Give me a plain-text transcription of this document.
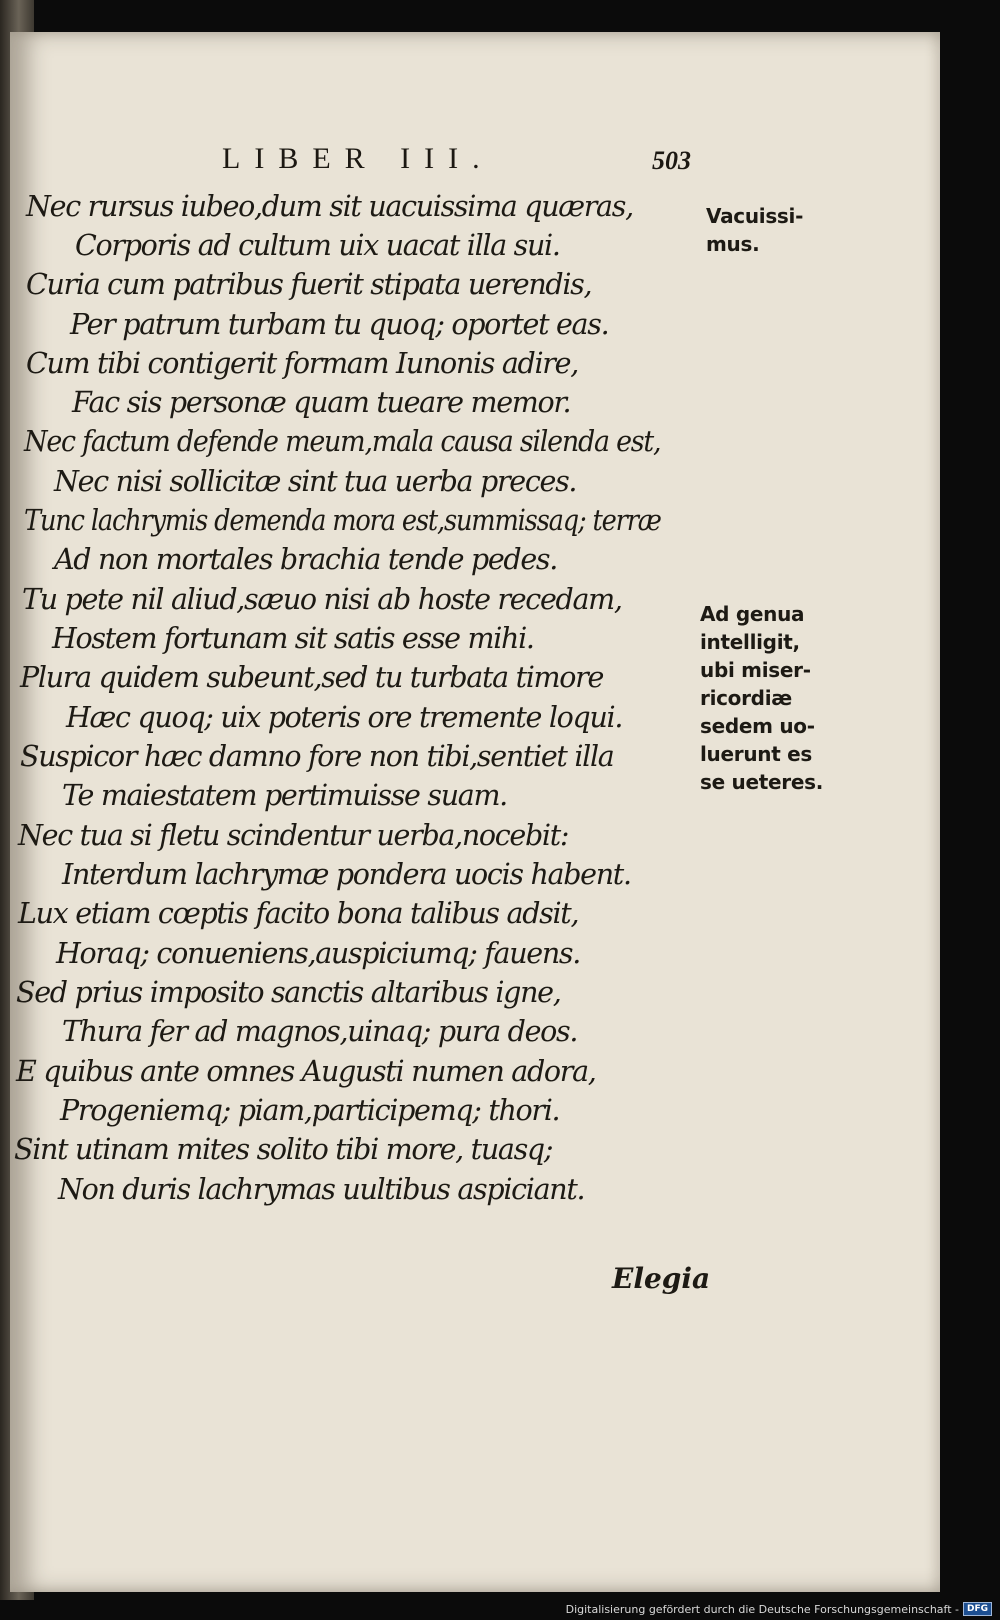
LIBER III.	503
Nec rursus iubeo,dum sit uacuissima quæras,
Corporis ad cultum uix uacat illa sui.
Curia cum patribus fuerit stipata uerendis,
Per patrum turbam tu quoq; oportet eas.
Cum tibi contigerit formam Iunonis adire,
Fac sis personæ quam tueare memor.
Nec factum defende meum,mala causa silenda est,
Nec nisi sollicitæ sint tua uerba preces.
Tunc lachrymis demenda mora est,summissaq; terræ
Ad non mortales brachia tende pedes.
Tu pete nil aliud,sæuo nisi ab hoste recedam,
Hostem fortunam sit satis esse mihi.
Plura quidem subeunt,sed tu turbata timore
Hæc quoq; uix poteris ore tremente loqui.
Suspicor hæc damno fore non tibi,sentiet illa
Te maiestatem pertimuisse suam.
Nec tua si fletu scindentur uerba,nocebit:
Interdum lachrymæ pondera uocis habent.
Lux etiam cœptis facito bona talibus adsit,
Horaq; conueniens,auspiciumq; fauens.
Sed prius imposito sanctis altaribus igne,
Thura fer ad magnos,uinaq; pura deos.
E quibus ante omnes Augusti numen adora,
Progeniemq; piam,participemq; thori.
Sint utinam mites solito tibi more, tuasq;
Non duris lachrymas uultibus aspiciant.
Vacuissi-
mus.
Ad genua
intelligit,
ubi miser-
ricordiæ
sedem uo-
luerunt es
se ueteres.
Elegia
Digitalisierung gefördert durch die Deutsche Forschungsgemeinschaft - DFG
